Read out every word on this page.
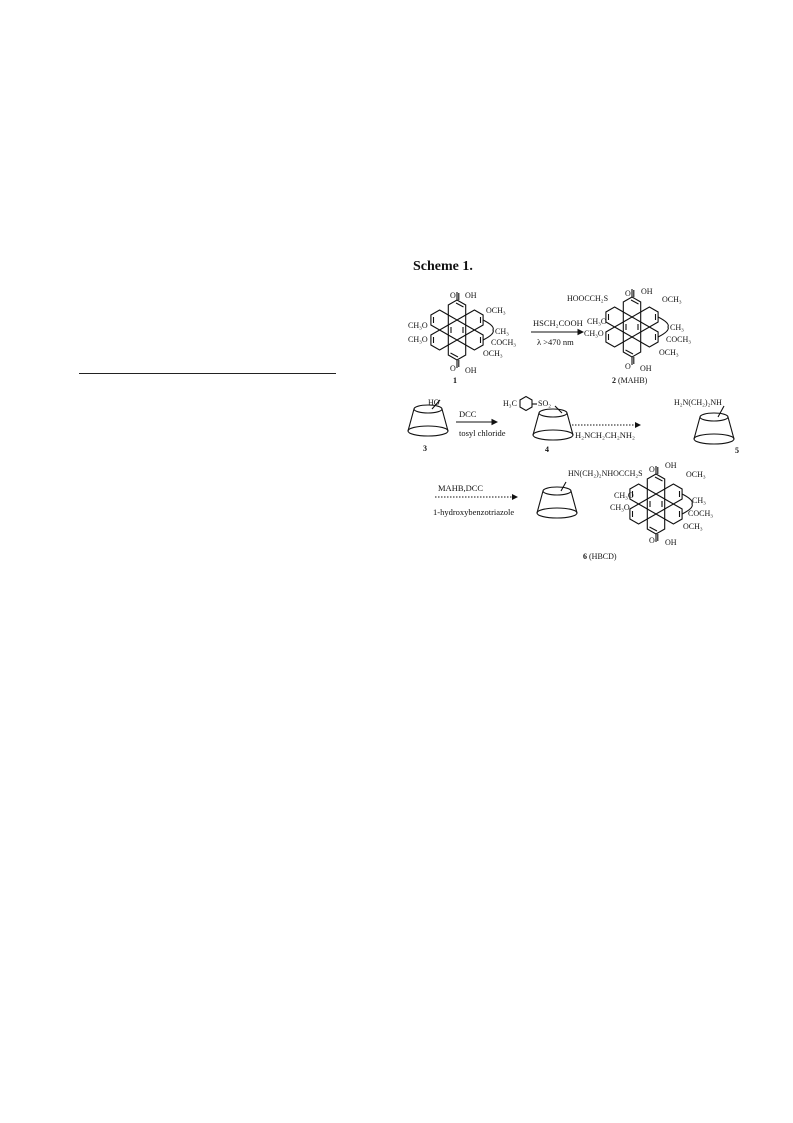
Scheme 1.
O OH
OCH₃
CH₃O
CH₃O
CH₃
COCH₃
OCH₃
O OH
1
HSCH₂COOH
λ >470 nm
HOOCCH₂S
O OH
OCH₃
CH₃O
CH₃O
CH₃
COCH₃
OCH₃
O OH
2 (MAHB)
HO
3
DCC
tosyl chloride
H₃C	SO₂
4
H₂NCH₂CH₂NH₂
H₂N(CH₂)₂NH
5
MAHB,DCC
1-hydroxybenzotriazole
HN(CH₂)₂NHOCCH₂S O OH
OCH₃
CH₃O
CH₃O
CH₃
COCH₃
OCH₃
O OH
6 (HBCD)
